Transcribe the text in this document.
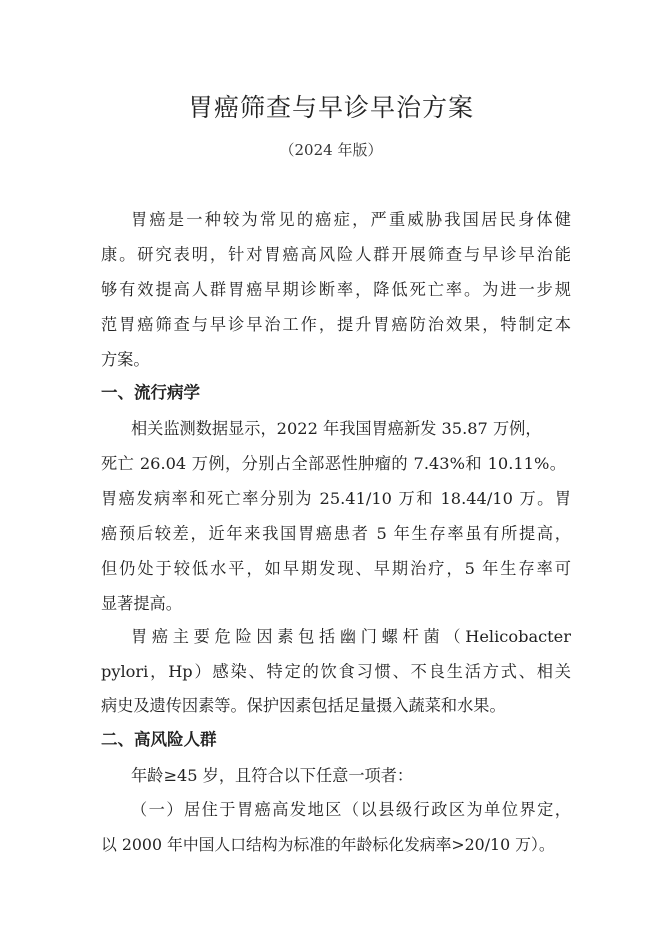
胃癌筛查与早诊早治方案
（2024 年版）
胃癌是一种较为常见的癌症，严重威胁我国居民身体健
康。研究表明，针对胃癌高风险人群开展筛查与早诊早治能
够有效提高人群胃癌早期诊断率，降低死亡率。为进一步规
范胃癌筛查与早诊早治工作，提升胃癌防治效果，特制定本
方案。
一、流行病学
相关监测数据显示，2022 年我国胃癌新发 35.87 万例，
死亡 26.04 万例，分别占全部恶性肿瘤的 7.43%和 10.11%。
胃癌发病率和死亡率分别为 25.41/10 万和 18.44/10 万。胃
癌预后较差，近年来我国胃癌患者 5 年生存率虽有所提高，
但仍处于较低水平，如早期发现、早期治疗，5 年生存率可
显著提高。
胃癌主要危险因素包括幽门螺杆菌（Helicobacter
pylori，Hp）感染、特定的饮食习惯、不良生活方式、相关
病史及遗传因素等。保护因素包括足量摄入蔬菜和水果。
二、高风险人群
年龄≥45 岁，且符合以下任意一项者：
（一）居住于胃癌高发地区（以县级行政区为单位界定，
以 2000 年中国人口结构为标准的年龄标化发病率>20/10 万）。
